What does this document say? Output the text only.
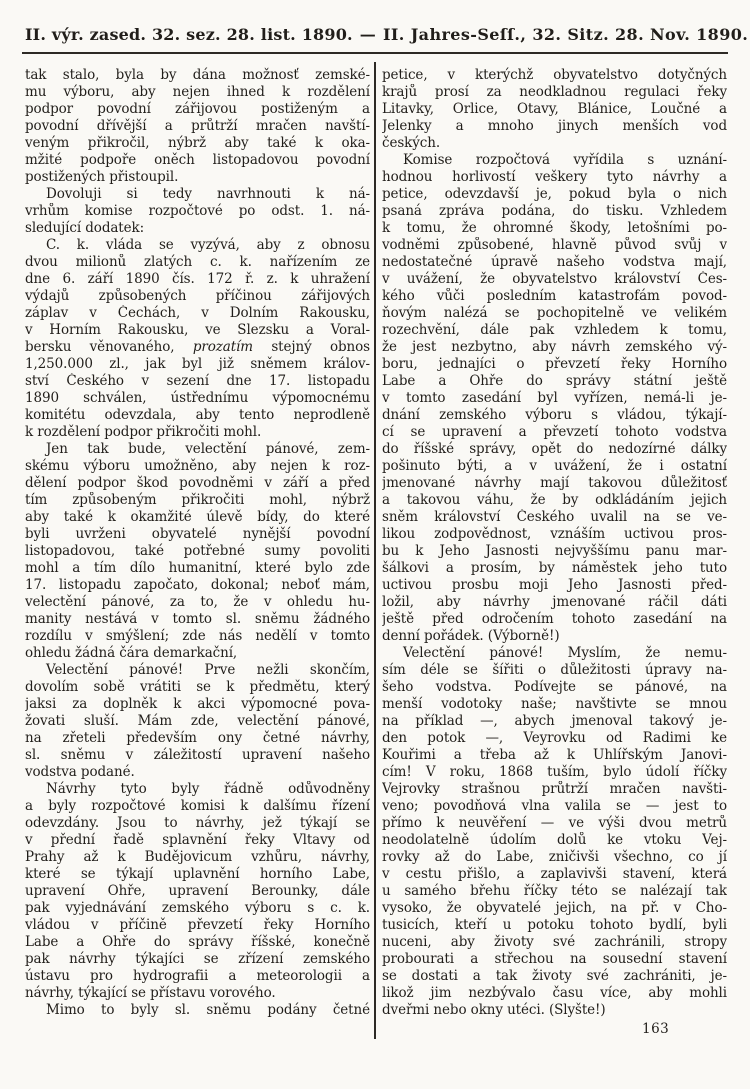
II. výr. zased. 32. sez. 28. list. 1890. — II. Jahres-Seſſ., 32. Sitz. 28. Nov. 1890.
tak stalo, byla by dána možnosť zemské-
mu výboru, aby nejen ihned k rozdělení
podpor povodní zářijovou postiženým a
povodní dřívější a průtrží mračen navští-
veným přikročil, nýbrž aby také k oka-
mžité podpoře oněch listopadovou povodní
postižených přistoupil.
Dovoluji si tedy navrhnouti k ná-
vrhům komise rozpočtové po odst. 1. ná-
sledující dodatek:
C. k. vláda se vyzývá, aby z obnosu
dvou milionů zlatých c. k. nařízením ze
dne 6. září 1890 čís. 172 ř. z. k uhražení
výdajů způsobených příčinou zářijových
záplav v Čechách, v Dolním Rakousku,
v Horním Rakousku, ve Slezsku a Voral-
bersku věnovaného, prozatím stejný obnos
1,250.000 zl., jak byl již sněmem králov-
ství Českého v sezení dne 17. listopadu
1890 schválen, ústřednímu výpomocnému
komitétu odevzdala, aby tento neprodleně
k rozdělení podpor přikročiti mohl.
Jen tak bude, velectění pánové, zem-
skému výboru umožněno, aby nejen k roz-
dělení podpor škod povodněmi v září a před
tím způsobeným přikročiti mohl, nýbrž
aby také k okamžité úlevě bídy, do které
byli uvrženi obyvatelé nynější povodní
listopadovou, také potřebné sumy povoliti
mohl a tím dílo humanitní, které bylo zde
17. listopadu započato, dokonal; neboť mám,
velectění pánové, za to, že v ohledu hu-
manity nestává v tomto sl. sněmu žádného
rozdílu v smýšlení; zde nás nedělí v tomto
ohledu žádná čára demarkační,
Velectění pánové! Prve nežli skončím,
dovolím sobě vrátiti se k předmětu, který
jaksi za doplněk k akci výpomocné pova-
žovati sluší. Mám zde, velectění pánové,
na zřeteli především ony četné návrhy,
sl. sněmu v záležitostí upravení našeho
vodstva podané.
Návrhy tyto byly řádně odůvodněny
a byly rozpočtové komisi k dalšímu řízení
odevzdány. Jsou to návrhy, jež týkají se
v přední řadě splavnění řeky Vltavy od
Prahy až k Budějovicum vzhůru, návrhy,
které se týkají uplavnění horního Labe,
upravení Ohře, upravení Berounky, dále
pak vyjednávání zemského výboru s c. k.
vládou v příčině převzetí řeky Horního
Labe a Ohře do správy říšské, konečně
pak návrhy týkajíci se zřízení zemského
ústavu pro hydrografii a meteorologii a
návrhy, týkající se přístavu vorového.
Mimo to byly sl. sněmu podány četné
petice, v kterýchž obyvatelstvo dotyčných
krajů prosí za neodkladnou regulaci řeky
Litavky, Orlice, Otavy, Blánice, Loučné a
Jelenky a mnoho jinych menších vod
českých.
Komise rozpočtová vyřídila s uznání-
hodnou horlivostí veškery tyto návrhy a
petice, odevzdavší je, pokud byla o nich
psaná zpráva podána, do tisku. Vzhledem
k tomu, že ohromné škody, letošními po-
vodněmi způsobené, hlavně původ svůj v
nedostatečné úpravě našeho vodstva mají,
v uvážení, že obyvatelstvo království Čes-
kého vůči posledním katastrofám povod-
ňovým nalézá se pochopitelně ve velikém
rozechvění, dále pak vzhledem k tomu,
že jest nezbytno, aby návrh zemského vý-
boru, jednajíci o převzetí řeky Horního
Labe a Ohře do správy státní ještě
v tomto zasedání byl vyřízen, nemá-li je-
dnání zemského výboru s vládou, týkají-
cí se upravení a převzetí tohoto vodstva
do říšské správy, opět do nedozírné dálky
pošinuto býti, a v uvážení, že i ostatní
jmenované návrhy mají takovou důležitosť
a takovou váhu, že by odkládáním jejich
sněm království Českého uvalil na se ve-
likou zodpovědnost, vznáším uctivou pros-
bu k Jeho Jasnosti nejvyššímu panu mar-
šálkovi a prosím, by náměstek jeho tuto
uctivou prosbu moji Jeho Jasnosti před-
ložil, aby návrhy jmenované ráčil dáti
ještě před odročením tohoto zasedání na
denní pořádek. (Výborně!)
Velectění pánové! Myslím, že nemu-
sím déle se šířiti o důležitosti úpravy na-
šeho vodstva. Podívejte se pánové, na
menší vodotoky naše; navštivte se mnou
na příklad —, abych jmenoval takový je-
den potok —, Veyrovku od Radimi ke
Kouřimi a třeba až k Uhlířským Janovi-
cím! V roku, 1868 tuším, bylo údolí říčky
Vejrovky strašnou průtrží mračen navšti-
veno; povodňová vlna valila se — jest to
přímo k neuvěření — ve výši dvou metrů
neodolatelně údolím dolů ke vtoku Vej-
rovky až do Labe, zničivši všechno, co jí
v cestu přišlo, a zaplavivši stavení, která
u samého břehu říčky této se nalézají tak
vysoko, že obyvatelé jejich, na př. v Cho-
tusicích, kteří u potoku tohoto bydlí, byli
nuceni, aby životy své zachránili, stropy
probourati a střechou na sousední stavení
se dostati a tak životy své zachrániti, je-
likož jim nezbývalo času více, aby mohli
dveřmi nebo okny utéci. (Slyšte!)
163
